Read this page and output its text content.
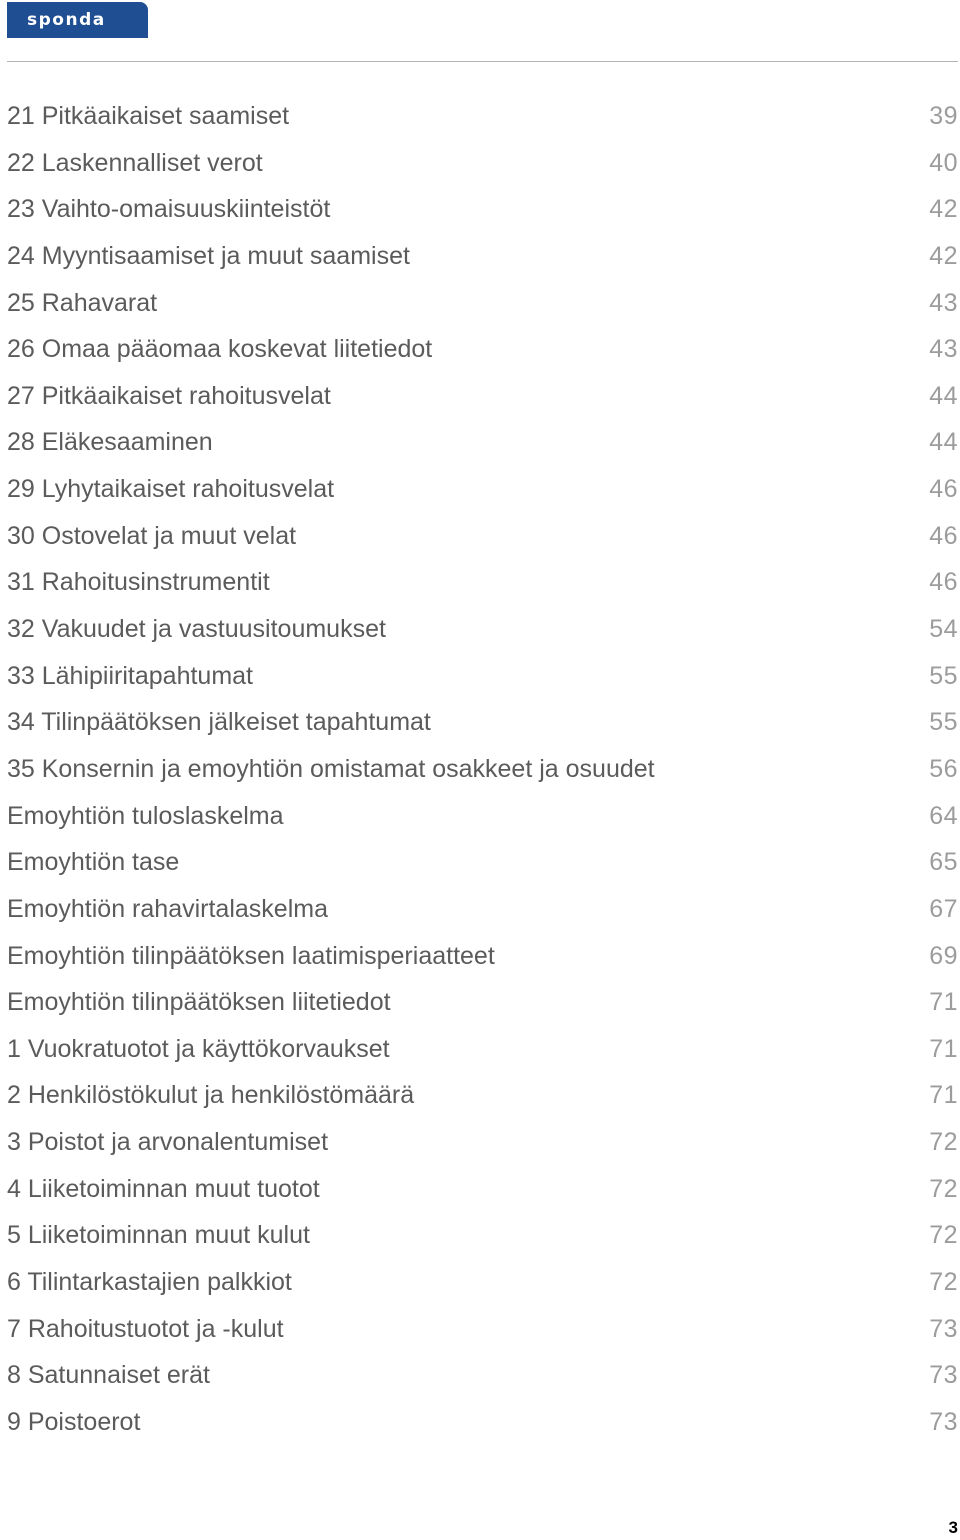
sponda
21 Pitkäaikaiset saamiset	39
22 Laskennalliset verot	40
23 Vaihto-omaisuuskiinteistöt	42
24 Myyntisaamiset ja muut saamiset	42
25 Rahavarat	43
26 Omaa pääomaa koskevat liitetiedot	43
27 Pitkäaikaiset rahoitusvelat	44
28 Eläkesaaminen	44
29 Lyhytaikaiset rahoitusvelat	46
30 Ostovelat ja muut velat	46
31 Rahoitusinstrumentit	46
32 Vakuudet ja vastuusitoumukset	54
33 Lähipiiritapahtumat	55
34 Tilinpäätöksen jälkeiset tapahtumat	55
35 Konsernin ja emoyhtiön omistamat osakkeet ja osuudet	56
Emoyhtiön tuloslaskelma	64
Emoyhtiön tase	65
Emoyhtiön rahavirtalaskelma	67
Emoyhtiön tilinpäätöksen laatimisperiaatteet	69
Emoyhtiön tilinpäätöksen liitetiedot	71
1 Vuokratuotot ja käyttökorvaukset	71
2 Henkilöstökulut ja henkilöstömäärä	71
3 Poistot ja arvonalentumiset	72
4 Liiketoiminnan muut tuotot	72
5 Liiketoiminnan muut kulut	72
6 Tilintarkastajien palkkiot	72
7 Rahoitustuotot ja -kulut	73
8 Satunnaiset erät	73
9 Poistoerot	73
3
